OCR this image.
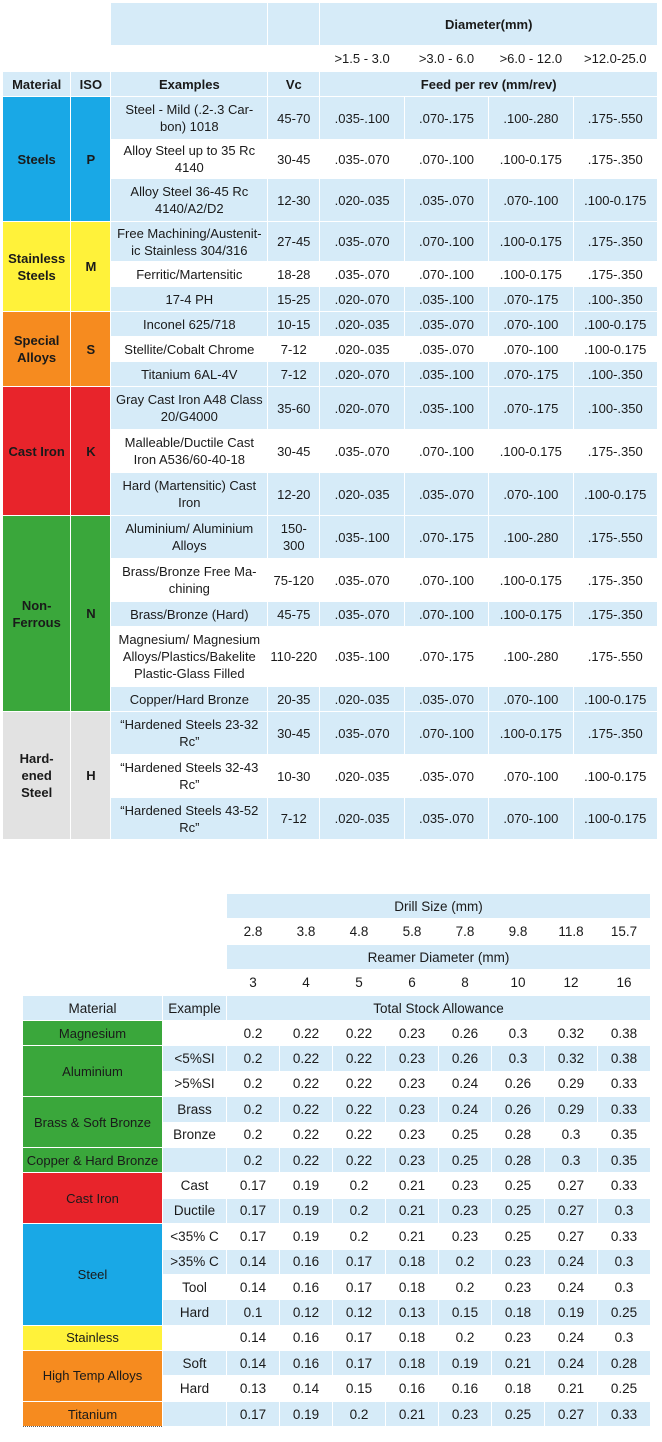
				Diameter(mm)			
				>1.5 - 3.0	>3.0 - 6.0	>6.0 - 12.0	>12.0-25.0
Material	ISO	Examples	Vc	Feed per rev (mm/rev)			
Steels	P	Steel - Mild (.2-.3 Car-bon) 1018	45-70	.035-.100	.070-.175	.100-.280	.175-.550
		Alloy Steel up to 35 Rc 4140	30-45	.035-.070	.070-.100	.100-0.175	.175-.350
		Alloy Steel 36-45 Rc 4140/A2/D2	12-30	.020-.035	.035-.070	.070-.100	.100-0.175
Stainless Steels	M	Free Machining/Austenit-ic Stainless 304/316	27-45	.035-.070	.070-.100	.100-0.175	.175-.350
		Ferritic/Martensitic	18-28	.035-.070	.070-.100	.100-0.175	.175-.350
		17-4 PH	15-25	.020-.070	.035-.100	.070-.175	.100-.350
Special Alloys	S	Inconel 625/718	10-15	.020-.035	.035-.070	.070-.100	.100-0.175
		Stellite/Cobalt Chrome	7-12	.020-.035	.035-.070	.070-.100	.100-0.175
		Titanium 6AL-4V	7-12	.020-.070	.035-.100	.070-.175	.100-.350
Cast Iron	K	Gray Cast Iron A48 Class 20/G4000	35-60	.020-.070	.035-.100	.070-.175	.100-.350
		Malleable/Ductile Cast Iron A536/60-40-18	30-45	.035-.070	.070-.100	.100-0.175	.175-.350
		Hard (Martensitic) Cast Iron	12-20	.020-.035	.035-.070	.070-.100	.100-0.175
Non-Ferrous	N	Aluminium/ Aluminium Alloys	150-300	.035-.100	.070-.175	.100-.280	.175-.550
		Brass/Bronze Free Ma-chining	75-120	.035-.070	.070-.100	.100-0.175	.175-.350
		Brass/Bronze (Hard)	45-75	.035-.070	.070-.100	.100-0.175	.175-.350
		Magnesium/ Magnesium Alloys/Plastics/Bakelite Plastic-Glass Filled	110-220	.035-.100	.070-.175	.100-.280	.175-.550
		Copper/Hard Bronze	20-35	.020-.035	.035-.070	.070-.100	.100-0.175
Hard-ened Steel	H	“Hardened Steels 23-32 Rc”	30-45	.035-.070	.070-.100	.100-0.175	.175-.350
		“Hardened Steels 32-43 Rc”	10-30	.020-.035	.035-.070	.070-.100	.100-0.175
		“Hardened Steels 43-52 Rc”	7-12	.020-.035	.035-.070	.070-.100	.100-0.175
		Drill Size (mm)							
		2.8	3.8	4.8	5.8	7.8	9.8	11.8	15.7
		Reamer Diameter (mm)							
		3	4	5	6	8	10	12	16
Material	Example	Total Stock Allowance							
Magnesium		0.2	0.22	0.22	0.23	0.26	0.3	0.32	0.38
Aluminium	<5%SI	0.2	0.22	0.22	0.23	0.26	0.3	0.32	0.38
	>5%SI	0.2	0.22	0.22	0.23	0.24	0.26	0.29	0.33
Brass & Soft Bronze	Brass	0.2	0.22	0.22	0.23	0.24	0.26	0.29	0.33
	Bronze	0.2	0.22	0.22	0.23	0.25	0.28	0.3	0.35
Copper & Hard Bronze		0.2	0.22	0.22	0.23	0.25	0.28	0.3	0.35
Cast Iron	Cast	0.17	0.19	0.2	0.21	0.23	0.25	0.27	0.33
	Ductile	0.17	0.19	0.2	0.21	0.23	0.25	0.27	0.3
Steel	<35% C	0.17	0.19	0.2	0.21	0.23	0.25	0.27	0.33
	>35% C	0.14	0.16	0.17	0.18	0.2	0.23	0.24	0.3
	Tool	0.14	0.16	0.17	0.18	0.2	0.23	0.24	0.3
	Hard	0.1	0.12	0.12	0.13	0.15	0.18	0.19	0.25
Stainless		0.14	0.16	0.17	0.18	0.2	0.23	0.24	0.3
High Temp Alloys	Soft	0.14	0.16	0.17	0.18	0.19	0.21	0.24	0.28
	Hard	0.13	0.14	0.15	0.16	0.16	0.18	0.21	0.25
Titanium		0.17	0.19	0.2	0.21	0.23	0.25	0.27	0.33
